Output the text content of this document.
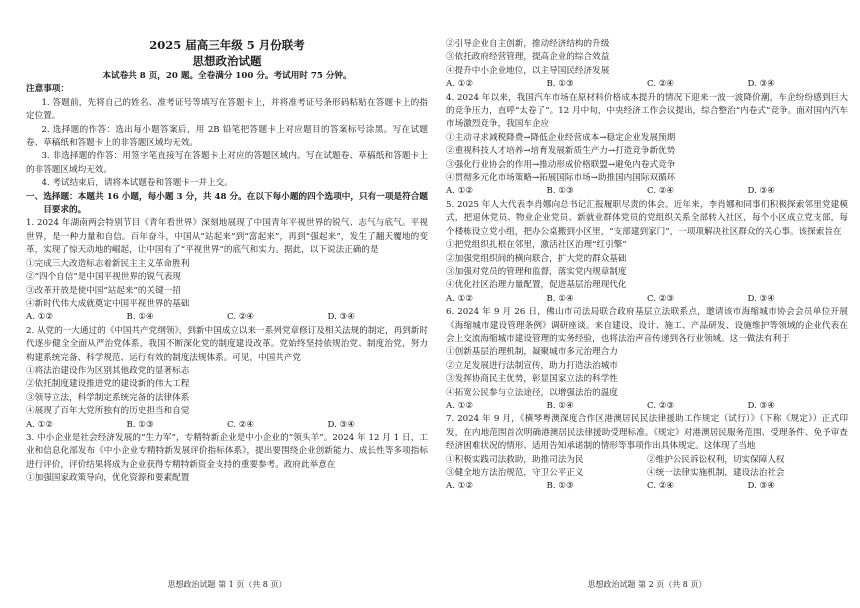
2025 届高三年级 5 月份联考
思想政治试题

本试卷共 8 页，20 题。全卷满分 100 分。考试用时 75 分钟。

注意事项：

1. 答题前，先将自己的姓名、准考证号等填写在答题卡上，并将准考证号条形码粘贴在答题卡上的指定位置。

2. 选择题的作答：选出每小题答案后，用 2B 铅笔把答题卡上对应题目的答案标号涂黑。写在试题卷、草稿纸和答题卡上的非答题区域均无效。

3. 非选择题的作答：用签字笔直接写在答题卡上对应的答题区域内。写在试题卷、草稿纸和答题卡上的非答题区域均无效。

4. 考试结束后，请将本试题卷和答题卡一并上交。

一、选择题：本题共 16 小题，每小题 3 分，共 48 分。在以下每小题的四个选项中，只有一项是符合题目要求的。

1. 2024 年湖南两会特别节目《青年看世界》深刻地展现了中国青年平视世界的锐气、志气与底气。平视世界，是一种力量和自信。百年奋斗，中国从“站起来”到“富起来”，再到“强起来”，发生了翻天覆地的变革，实现了惊天动地的崛起，让中国有了“平视世界”的底气和实力。据此，以下说法正确的是

①完成三大改造标志着新民主主义革命胜利

②“四个自信”是中国平视世界的锐气表现

③改革开放是使中国“站起来”的关键一招

④新时代伟大成就奠定中国平视世界的基础

A. ①②	B. ①④	C. ②④	D. ③④

2. 从党的一大通过的《中国共产党纲领》，到新中国成立以来一系列党章修订及相关法规的制定，再到新时代逐步健全全面从严治党体系，我国不断深化党的制度建设改革。党始终坚持依规治党、制度治党，努力构建系统完备、科学规范、运行有效的制度法规体系。可见，中国共产党

①将法治建设作为区别其他政党的显著标志

②依托制度建设推进党的建设新的伟大工程

③领导立法，科学制定系统完备的法律体系

④展现了百年大党所独有的历史担当和自觉

A. ①②	B. ①③	C. ②④	D. ③④

3. 中小企业是社会经济发展的“生力军”，专精特新企业是中小企业的“领头羊”。2024 年 12 月 1 日，工业和信息化部发布《中小企业专精特新发展评价指标体系》，提出要围绕企业创新能力、成长性等多项指标进行评价，评价结果将成为企业获得专精特新资金支持的重要参考。政府此举意在

①加强国家政策导向，优化资源和要素配置

思想政治试题 第 1 页（共 8 页）

②引导企业自主创新，推动经济结构的升级

③依托政府经营管理，提高企业的综合效益

④提升中小企业地位，以主导国民经济发展

A. ①②	B. ①③	C. ②④	D. ③④

4. 2024 年以来，我国汽车市场在原材料价格成本提升的情况下迎来一波一波降价潮，车企纷纷感到巨大的竞争压力，直呼“太卷了”。12 月中旬，中央经济工作会议提出，综合整治“内卷式”竞争。面对国内汽车市场激烈竞争，我国车企应

①主动寻求减税降费→降低企业经营成本→稳定企业发展预期

②重视科技人才培养→培育发展新质生产力→打造竞争新优势

③强化行业协会的作用→推动形成价格联盟→避免内卷式竞争

④贯彻多元化市场策略→拓展国际市场→助推国内国际双循环

A. ①②	B. ①③	C. ②④	D. ③④

5. 2025 年人大代表李肖娜向总书记汇报履职尽责的体会。近年来，李肖娜和同事们积极探索邻里党建模式，把退休党员、物业企业党员、新就业群体党员的党组织关系全部转入社区，每个小区成立党支部，每个楼栋设立党小组，把办公桌搬到小区里，“支部建到家门”，一项项解决社区群众的关心事。该探索旨在

①把党组织扎根在邻里，激活社区治理“红引擎”

②加强党组织间的横向联合，扩大党的群众基础

③加强对党员的管理和监督，落实党内规章制度

④优化社区治理力量配置，促进基层治理现代化

A. ①②	B. ①④	C. ②③	D. ③④

6. 2024 年 9 月 26 日，佛山市司法局联合政府基层立法联系点，邀请该市海缩城市协会会员单位开展《海缩城市建设管理条例》调研座谈。来自建设、设计、施工、产品研发、设施维护等领域的企业代表在会上交流海缩城市建设管理的实务经验，也将法治声音传递到各行业领域。这一做法有利于

①创新基层治理机制，凝聚城市多元治理合力

②立足发展进行法制宣传，助力打造法治城市

③发挥协商民主优势，彰显国家立法的科学性

④拓宽公民参与立法途径，以增强法治的温度

A. ①②	B. ①④	C. ②③	D. ③④

7. 2024 年 9 月，《横琴粤澳深度合作区港澳居民民法律援助工作规定（试行）》（下称《规定》）正式印发，在内地范围首次明确港澳居民法律援助受理标准。《规定》对港澳居民服务范围、受理条件、免予审查经济困难状况的情形、适用告知承诺制的情形等事项作出具体规定。这体现了当地

①积极实践司法救助，助推司法为民	②维护公民诉讼权利，切实保障人权
③健全地方法治规范，守卫公平正义	④统一法律实施机制，建设法治社会
A. ①②	B. ①③	C. ②④	D. ③④
思想政治试题 第 2 页（共 8 页）
